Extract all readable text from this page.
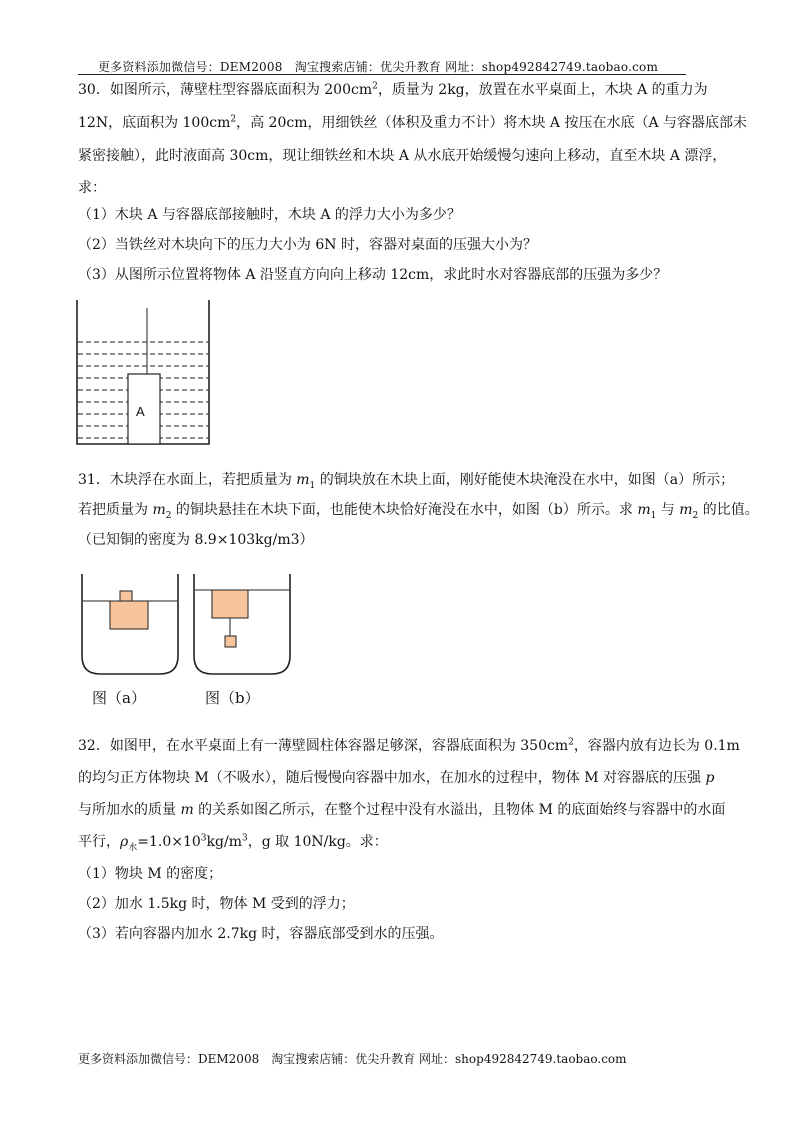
更多资料添加微信号：DEM2008　淘宝搜索店铺：优尖升教育 网址：shop492842749.taobao.com
30．如图所示，薄壁柱型容器底面积为 $200cm^2$，质量为 2kg，放置在水平桌面上，木块 A 的重力为
12N，底面积为 $100cm^2$，高 20cm，用细铁丝（体积及重力不计）将木块 A 按压在水底（A 与容器底部未
紧密接触），此时液面高 30cm，现让细铁丝和木块 A 从水底开始缓慢匀速向上移动，直至木块 A 漂浮，
求：
（1）木块 A 与容器底部接触时，木块 A 的浮力大小为多少？
（2）当铁丝对木块向下的压力大小为 6N 时，容器对桌面的压强大小为？
（3）从图所示位置将物体 A 沿竖直方向向上移动 12cm，求此时水对容器底部的压强为多少？
A
31．木块浮在水面上，若把质量为 $m_1$ 的铜块放在木块上面，刚好能使木块淹没在水中，如图（a）所示；
若把质量为 $m_2$ 的铜块悬挂在木块下面，也能使木块恰好淹没在水中，如图（b）所示。求 $m_1$ 与 $m_2$ 的比值。
（已知铜的密度为 8.9×103kg/m3）
图（a）	图（b）
32．如图甲，在水平桌面上有一薄壁圆柱体容器足够深，容器底面积为 $350cm^2$，容器内放有边长为 0.1m
的均匀正方体物块 M（不吸水），随后慢慢向容器中加水，在加水的过程中，物体 M 对容器底的压强 p
与所加水的质量 m 的关系如图乙所示，在整个过程中没有水溢出，且物体 M 的底面始终与容器中的水面
平行，$\rho_水=1.0\times 10^3kg/m^3$，g 取 10N/kg。求：
（1）物块 M 的密度；
（2）加水 1.5kg 时，物体 M 受到的浮力；
（3）若向容器内加水 2.7kg 时，容器底部受到水的压强。
更多资料添加微信号：DEM2008　淘宝搜索店铺：优尖升教育 网址：shop492842749.taobao.com
